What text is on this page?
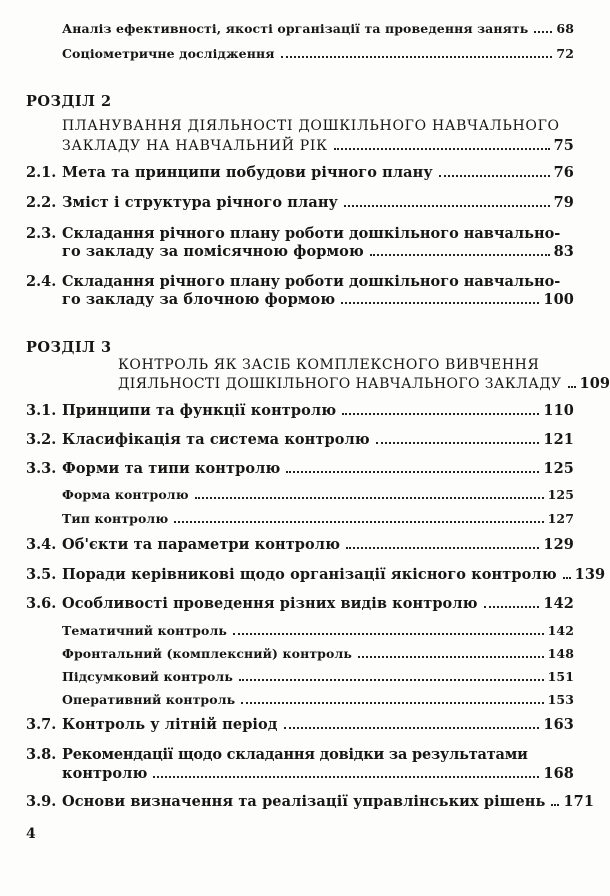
Аналіз ефективності, якості організації та проведення занять 68
Соціометричне дослідження	72
РОЗДІЛ 2
ПЛАНУВАННЯ ДІЯЛЬНОСТІ ДОШКІЛЬНОГО НАВЧАЛЬНОГО
ЗАКЛАДУ НА НАВЧАЛЬНИЙ РІК	75
2.1. Мета та принципи побудови річного плану	76
2.2. Зміст і структура річного плану	79
2.3. Складання річного плану роботи дошкільного навчально-
го закладу за помісячною формою	83
2.4. Складання річного плану роботи дошкільного навчально-
го закладу за блочною формою	100
РОЗДІЛ 3
КОНТРОЛЬ ЯК ЗАСІБ КОМПЛЕКСНОГО ВИВЧЕННЯ
ДІЯЛЬНОСТІ ДОШКІЛЬНОГО НАВЧАЛЬНОГО ЗАКЛАДУ 109
3.1. Принципи та функції контролю	110
3.2. Класифікація та система контролю	121
3.3. Форми та типи контролю	125
Форма контролю	125
Тип контролю	127
3.4. Об'єкти та параметри контролю	129
3.5. Поради керівникові щодо організації якісного контролю 139
3.6. Особливості проведення різних видів контролю	142
Тематичний контроль	142
Фронтальний (комплексний) контроль	148
Підсумковий контроль	151
Оперативний контроль	153
3.7. Контроль у літній період	163
3.8. Рекомендації щодо складання довідки за результатами
контролю	168
3.9. Основи визначення та реалізації управлінських рішень 171
4
